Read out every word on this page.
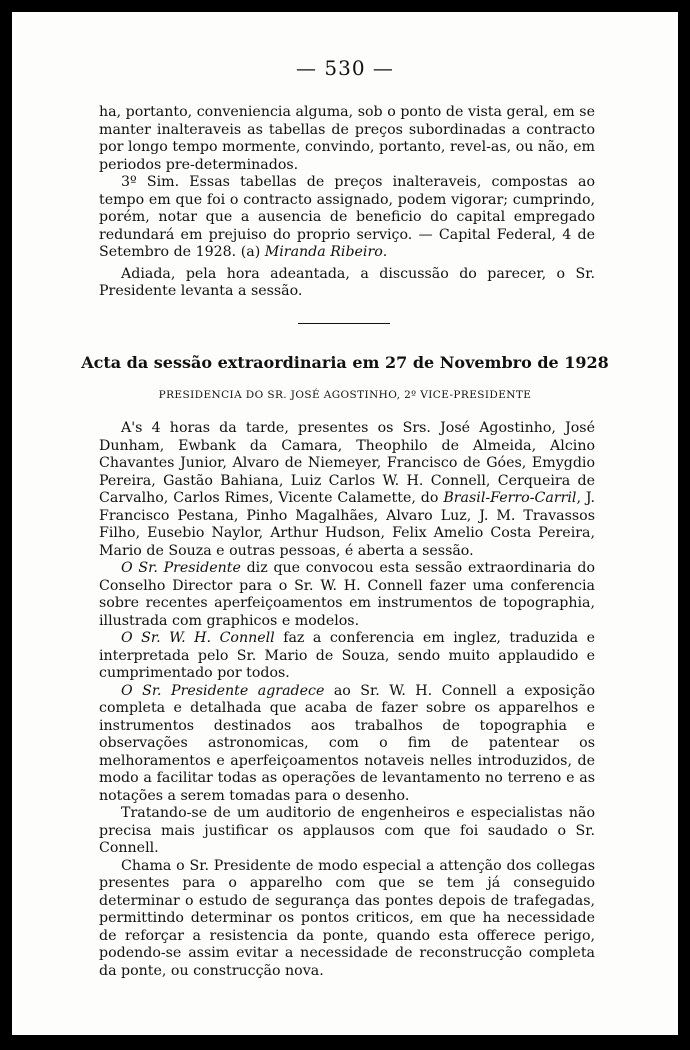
— 530 —

ha, portanto, conveniencia alguma, sob o ponto de vista geral, em se manter inalteraveis as tabellas de preços subordinadas a contracto por longo tempo mormente, convindo, portanto, revel-as, ou não, em periodos pre-determinados.

3º Sim. Essas tabellas de preços inalteraveis, compostas ao tempo em que foi o contracto assignado, podem vigorar; cumprindo, porém, notar que a ausencia de beneficio do capital empregado redundará em prejuiso do proprio serviço. — Capital Federal, 4 de Setembro de 1928. (a) Miranda Ribeiro.

Adiada, pela hora adeantada, a discussão do parecer, o Sr. Presidente levanta a sessão.

Acta da sessão extraordinaria em 27 de Novembro de 1928
PRESIDENCIA DO SR. JOSÉ AGOSTINHO, 2º VICE-PRESIDENTE

A's 4 horas da tarde, presentes os Srs. José Agostinho, José Dunham, Ewbank da Camara, Theophilo de Almeida, Alcino Chavantes Junior, Alvaro de Niemeyer, Francisco de Góes, Emygdio Pereira, Gastão Bahiana, Luiz Carlos W. H. Connell, Cerqueira de Carvalho, Carlos Rimes, Vicente Calamette, do Brasil-Ferro-Carril, J. Francisco Pestana, Pinho Magalhães, Alvaro Luz, J. M. Travassos Filho, Eusebio Naylor, Arthur Hudson, Felix Amelio Costa Pereira, Mario de Souza e outras pessoas, é aberta a sessão.

O Sr. Presidente diz que convocou esta sessão extraordinaria do Conselho Director para o Sr. W. H. Connell fazer uma conferencia sobre recentes aperfeiçoamentos em instrumentos de topographia, illustrada com graphicos e modelos.

O Sr. W. H. Connell faz a conferencia em inglez, traduzida e interpretada pelo Sr. Mario de Souza, sendo muito applaudido e cumprimentado por todos.

O Sr. Presidente agradece ao Sr. W. H. Connell a exposição completa e detalhada que acaba de fazer sobre os apparelhos e instrumentos destinados aos trabalhos de topographia e observações astronomicas, com o fim de patentear os melhoramentos e aperfeiçoamentos notaveis nelles introduzidos, de modo a facilitar todas as operações de levantamento no terreno e as notações a serem tomadas para o desenho.

Tratando-se de um auditorio de engenheiros e especialistas não precisa mais justificar os applausos com que foi saudado o Sr. Connell.

Chama o Sr. Presidente de modo especial a attenção dos collegas presentes para o apparelho com que se tem já conseguido determinar o estudo de segurança das pontes depois de trafegadas, permittindo determinar os pontos criticos, em que ha necessidade de reforçar a resistencia da ponte, quando esta offerece perigo, podendo-se assim evitar a necessidade de reconstrucção completa da ponte, ou construcção nova.
